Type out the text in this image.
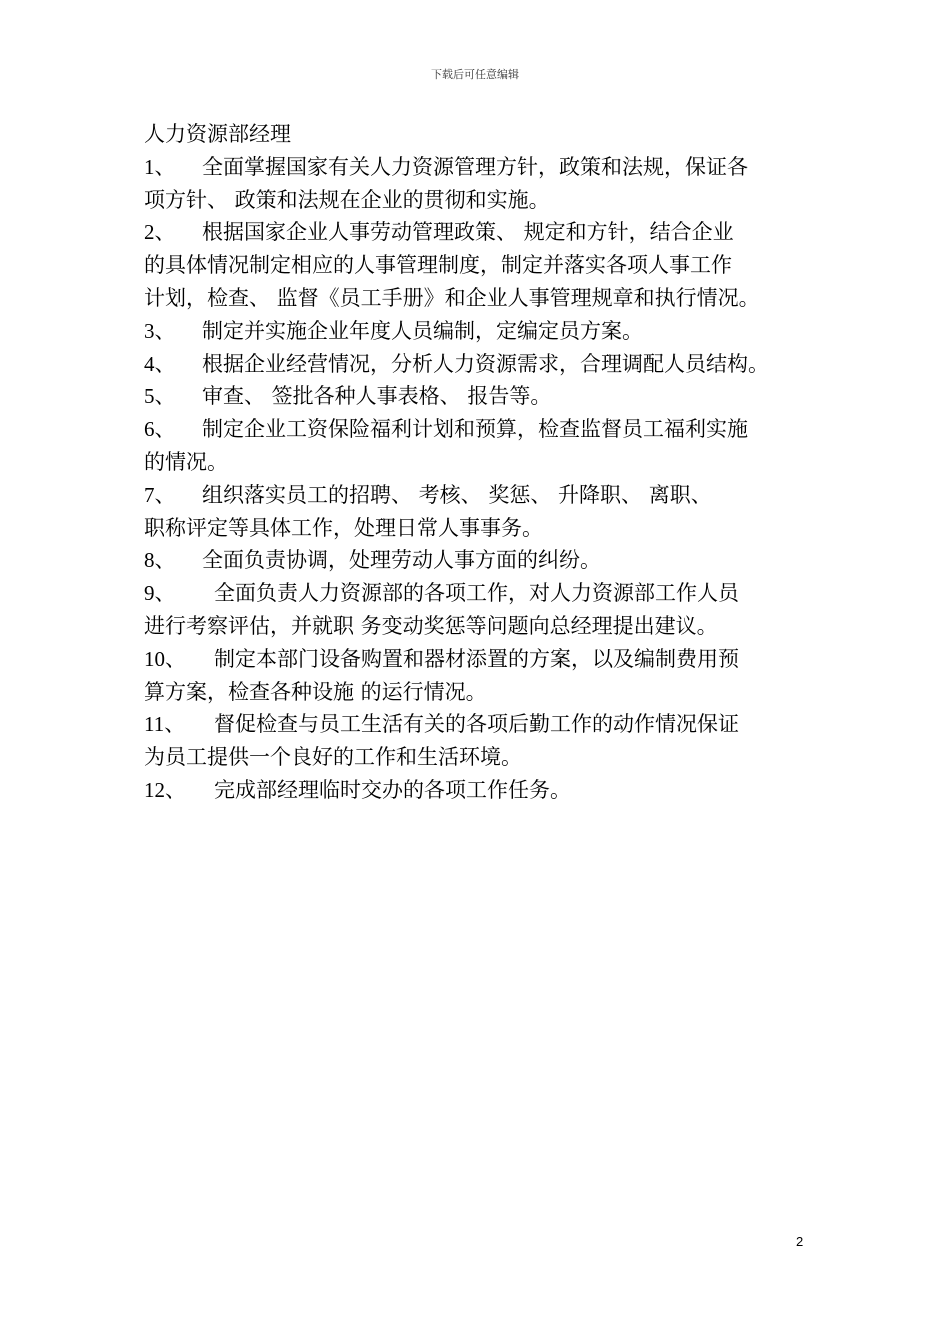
下载后可任意编辑
人力资源部经理

1、 全面掌握国家有关人力资源管理方针，政策和法规，保证各
项方针、 政策和法规在企业的贯彻和实施。

2、 根据国家企业人事劳动管理政策、 规定和方针，结合企业
的具体情况制定相应的人事管理制度，制定并落实各项人事工作
计划，检查、 监督《员工手册》和企业人事管理规章和执行情况。

3、 制定并实施企业年度人员编制，定编定员方案。

4、 根据企业经营情况，分析人力资源需求，合理调配人员结构。

5、 审查、 签批各种人事表格、 报告等。

6、 制定企业工资保险福利计划和预算，检查监督员工福利实施
的情况。

7、 组织落实员工的招聘、 考核、 奖惩、 升降职、 离职、
职称评定等具体工作，处理日常人事事务。

8、 全面负责协调，处理劳动人事方面的纠纷。

9、 全面负责人力资源部的各项工作，对人力资源部工作人员
进行考察评估，并就职 务变动奖惩等问题向总经理提出建议。

10、 制定本部门设备购置和器材添置的方案，以及编制费用预
算方案，检查各种设施 的运行情况。

11、 督促检查与员工生活有关的各项后勤工作的动作情况保证
为员工提供一个良好的工作和生活环境。

12、 完成部经理临时交办的各项工作任务。

2
